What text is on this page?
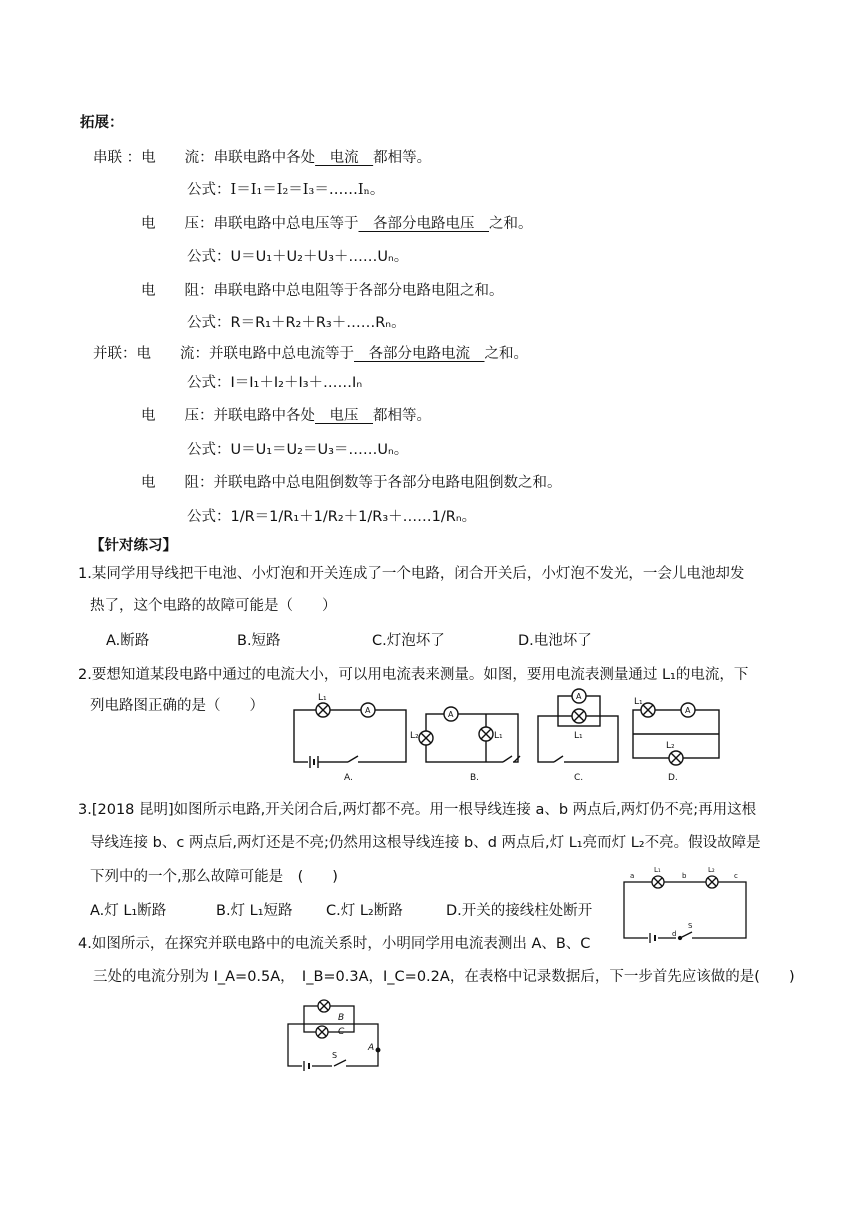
拓展：
串联 ：电　　流：串联电路中各处　电流　都相等。
公式：I＝I₁＝I₂＝I₃＝……Iₙ。
电　　压：串联电路中总电压等于　各部分电路电压　之和。
公式：U＝U₁＋U₂＋U₃＋……Uₙ。
电　　阻：串联电路中总电阻等于各部分电路电阻之和。
公式：R＝R₁＋R₂＋R₃＋……Rₙ。
并联：电　　流：并联电路中总电流等于　各部分电路电流　之和。
公式：I＝I₁＋I₂＋I₃＋……Iₙ
电　　压：并联电路中各处　电压　都相等。
公式：U＝U₁＝U₂＝U₃＝……Uₙ。
电　　阻：并联电路中总电阻倒数等于各部分电路电阻倒数之和。
公式：1/R＝1/R₁＋1/R₂＋1/R₃＋……1/Rₙ。
【针对练习】
1.某同学用导线把干电池、小灯泡和开关连成了一个电路，闭合开关后，小灯泡不发光，一会儿电池却发
热了，这个电路的故障可能是（　　）
A.断路	B.短路	C.灯泡坏了	D.电池坏了
2.要想知道某段电路中通过的电流大小，可以用电流表来测量。如图，要用电流表测量通过 L₁的电流，下
列电路图正确的是（　　）	L₁
A
A.
A
L₂	L₁
B.
A
L₁
C.
L₁
A
L₂
D.
3.[2018 昆明]如图所示电路,开关闭合后,两灯都不亮。用一根导线连接 a、b 两点后,两灯仍不亮;再用这根
导线连接 b、c 两点后,两灯还是不亮;仍然用这根导线连接 b、d 两点后,灯 L₁亮而灯 L₂不亮。假设故障是
下列中的一个,那么故障可能是　(　　)
A.灯 L₁断路	B.灯 L₁短路 C.灯 L₂断路	D.开关的接线柱处断开
a
L₁
b
L₂
c
d
S
4.如图所示，在探究并联电路中的电流关系时，小明同学用电流表测出 A、B、C
三处的电流分别为 I_A=0.5A，　I_B=0.3A，I_C=0.2A，在表格中记录数据后，下一步首先应该做的是(　　)
B
C
A
S
